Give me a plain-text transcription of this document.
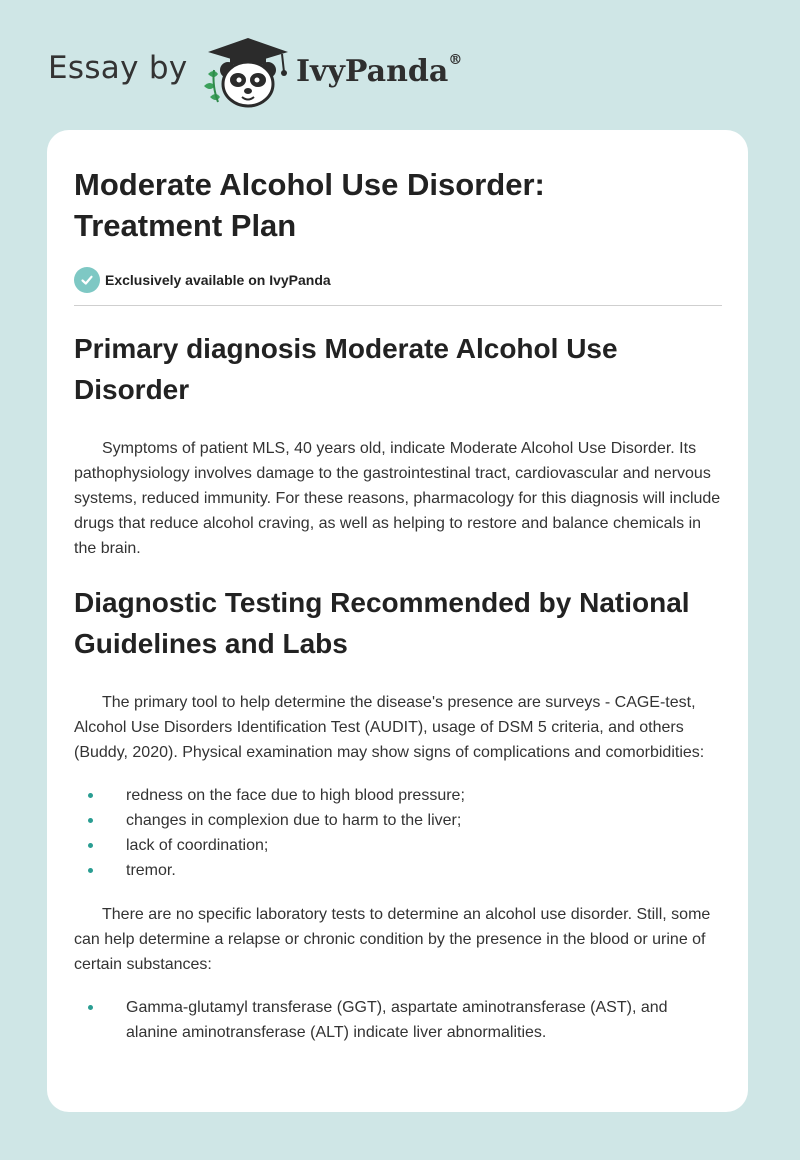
Essay by	IvyPanda®
Moderate Alcohol Use Disorder:
Treatment Plan
Exclusively available on IvyPanda
Primary diagnosis Moderate Alcohol Use Disorder

Symptoms of patient MLS, 40 years old, indicate Moderate Alcohol Use Disorder. Its pathophysiology involves damage to the gastrointestinal tract, cardiovascular and nervous systems, reduced immunity. For these reasons, pharmacology for this diagnosis will include drugs that reduce alcohol craving, as well as helping to restore and balance chemicals in the brain.

Diagnostic Testing Recommended by National Guidelines and Labs

The primary tool to help determine the disease's presence are surveys - CAGE-test, Alcohol Use Disorders Identification Test (AUDIT), usage of DSM 5 criteria, and others (Buddy, 2020). Physical examination may show signs of complications and comorbidities:

redness on the face due to high blood pressure;
changes in complexion due to harm to the liver;
lack of coordination;
tremor.

There are no specific laboratory tests to determine an alcohol use disorder. Still, some can help determine a relapse or chronic condition by the presence in the blood or urine of certain substances:

Gamma-glutamyl transferase (GGT), aspartate aminotransferase (AST), and alanine aminotransferase (ALT) indicate liver abnormalities.
